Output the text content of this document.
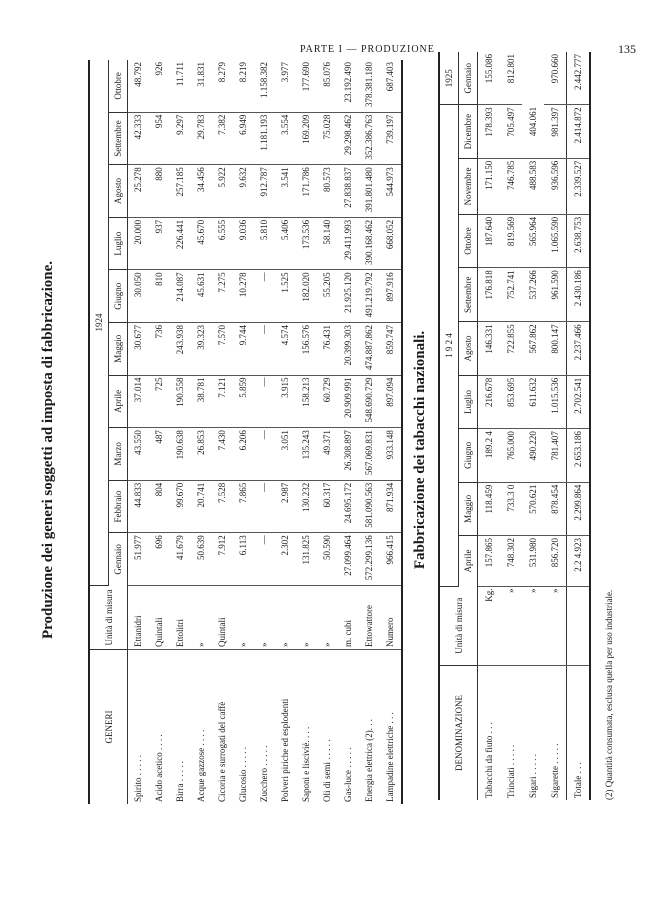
PARTE I — PRODUZIONE	135
Produzione dei generi soggetti ad imposta di fabbricazione.
GENERI	Unità di misura	1924									
		Gennaio	Febbraio	Marzo	Aprile	Maggio	Giugno	Luglio	Agosto	Settembre	Ottobre
Spirito . . . . .	Ettanidri	51.977	44.833	43.550	37.014	30.677	30.050	20.000	25.278	42.333	48.792
Acido acetico . . . .	Quintali	696	804	487	725	736	810	937	880	954	926
Birra . . . . .	Ettolitri	41.679	99.670	190.638	190.558	243.938	214.087	226.441	257.185	9.297	11.711
Acque gazzose . . . .	»	50.639	20.741	26.853	38.781	39.323	45.631	45.670	34.456	29.783	31.831
Cicoria e surrogati del caffè	Quintali	7.912	7.528	7.430	7.121	7.570	7.275	6.555	5.922	7.382	8.279
Glucosio . . . . .	»	6.113	7.865	6.206	5.859	9.744	10.278	9.036	9.632	6.949	8.219
Zucchero . . . . .	»	—	—	—	—	—	—	5.810	912.787	1.181.193	1.158.382
Polveri piriche ed esplodenti	»	2.302	2.987	3.051	3.915	4.574	1.525	5.406	3.541	3.554	3.977
Saponi e lisciviè. . . .	»	131.825	130.232	135.243	158.213	156.576	182.020	173.536	171.786	169.209	177.690
Oli di semi . . . . .	»	50.590	60.317	49.371	60.729	76.431	55.205	58.140	80.573	75.028	85.076
Gas-luce . . . . .	m. cubi	27.099.464	24.695.172	26.308.897	20.909.991	20.399.303	21.925.120	29.411.993	27.838.837	29.298.462	23.192.490
Energia elettrica (2). . .	Ettowattore	572.299.136	581.090.563	567.069.831	548.690.729	474.887.862	491.219.792	390.168.462	391.801.480	352.386.763	378.381.180
Lampadine elettriche . . .	Numero	966.415	871.934	933.148	897.094	859.747	897.916	668.052	544.973	739.197	687.403
Fabbricazione dei tabacchi nazionali.
DENOMINAZIONE	Unità di misura	1 9 2 4									1925
		Aprile	Maggio	Giugno	Luglio	Agosto	Settembre	Ottobre	Novembre	Dicembre	Gennaio
Tabacchi da fiuto . . .	Kg.	157.865	118.459	189.2 4	216.678	146.331	176.818	187.640	171.150	178.393	155.086
Trinciati . . . . .	»	748.302	733.3 0	765.000	853.695	722.855	752.741	819.569	746.785	705.497	812.801
Sigari . . . . .	»	531.980	570.621	490.220	611.632	567.862	537.266	565.964	488.583	404.061	
Sigarette . . . . .	»	856.720	878.454	781.407	1.015.536	800.147	961.590	1.065.590	936.596	981.397	970.660
Totale . . .		2.2 4.923	2.299.864	2.653.186	2.702.541	2.237.466	2.430.186	2.638.753	2.339.527	2.414.872	2.442.777
(2) Quantità consumata, esclusa quella per uso industriale.
